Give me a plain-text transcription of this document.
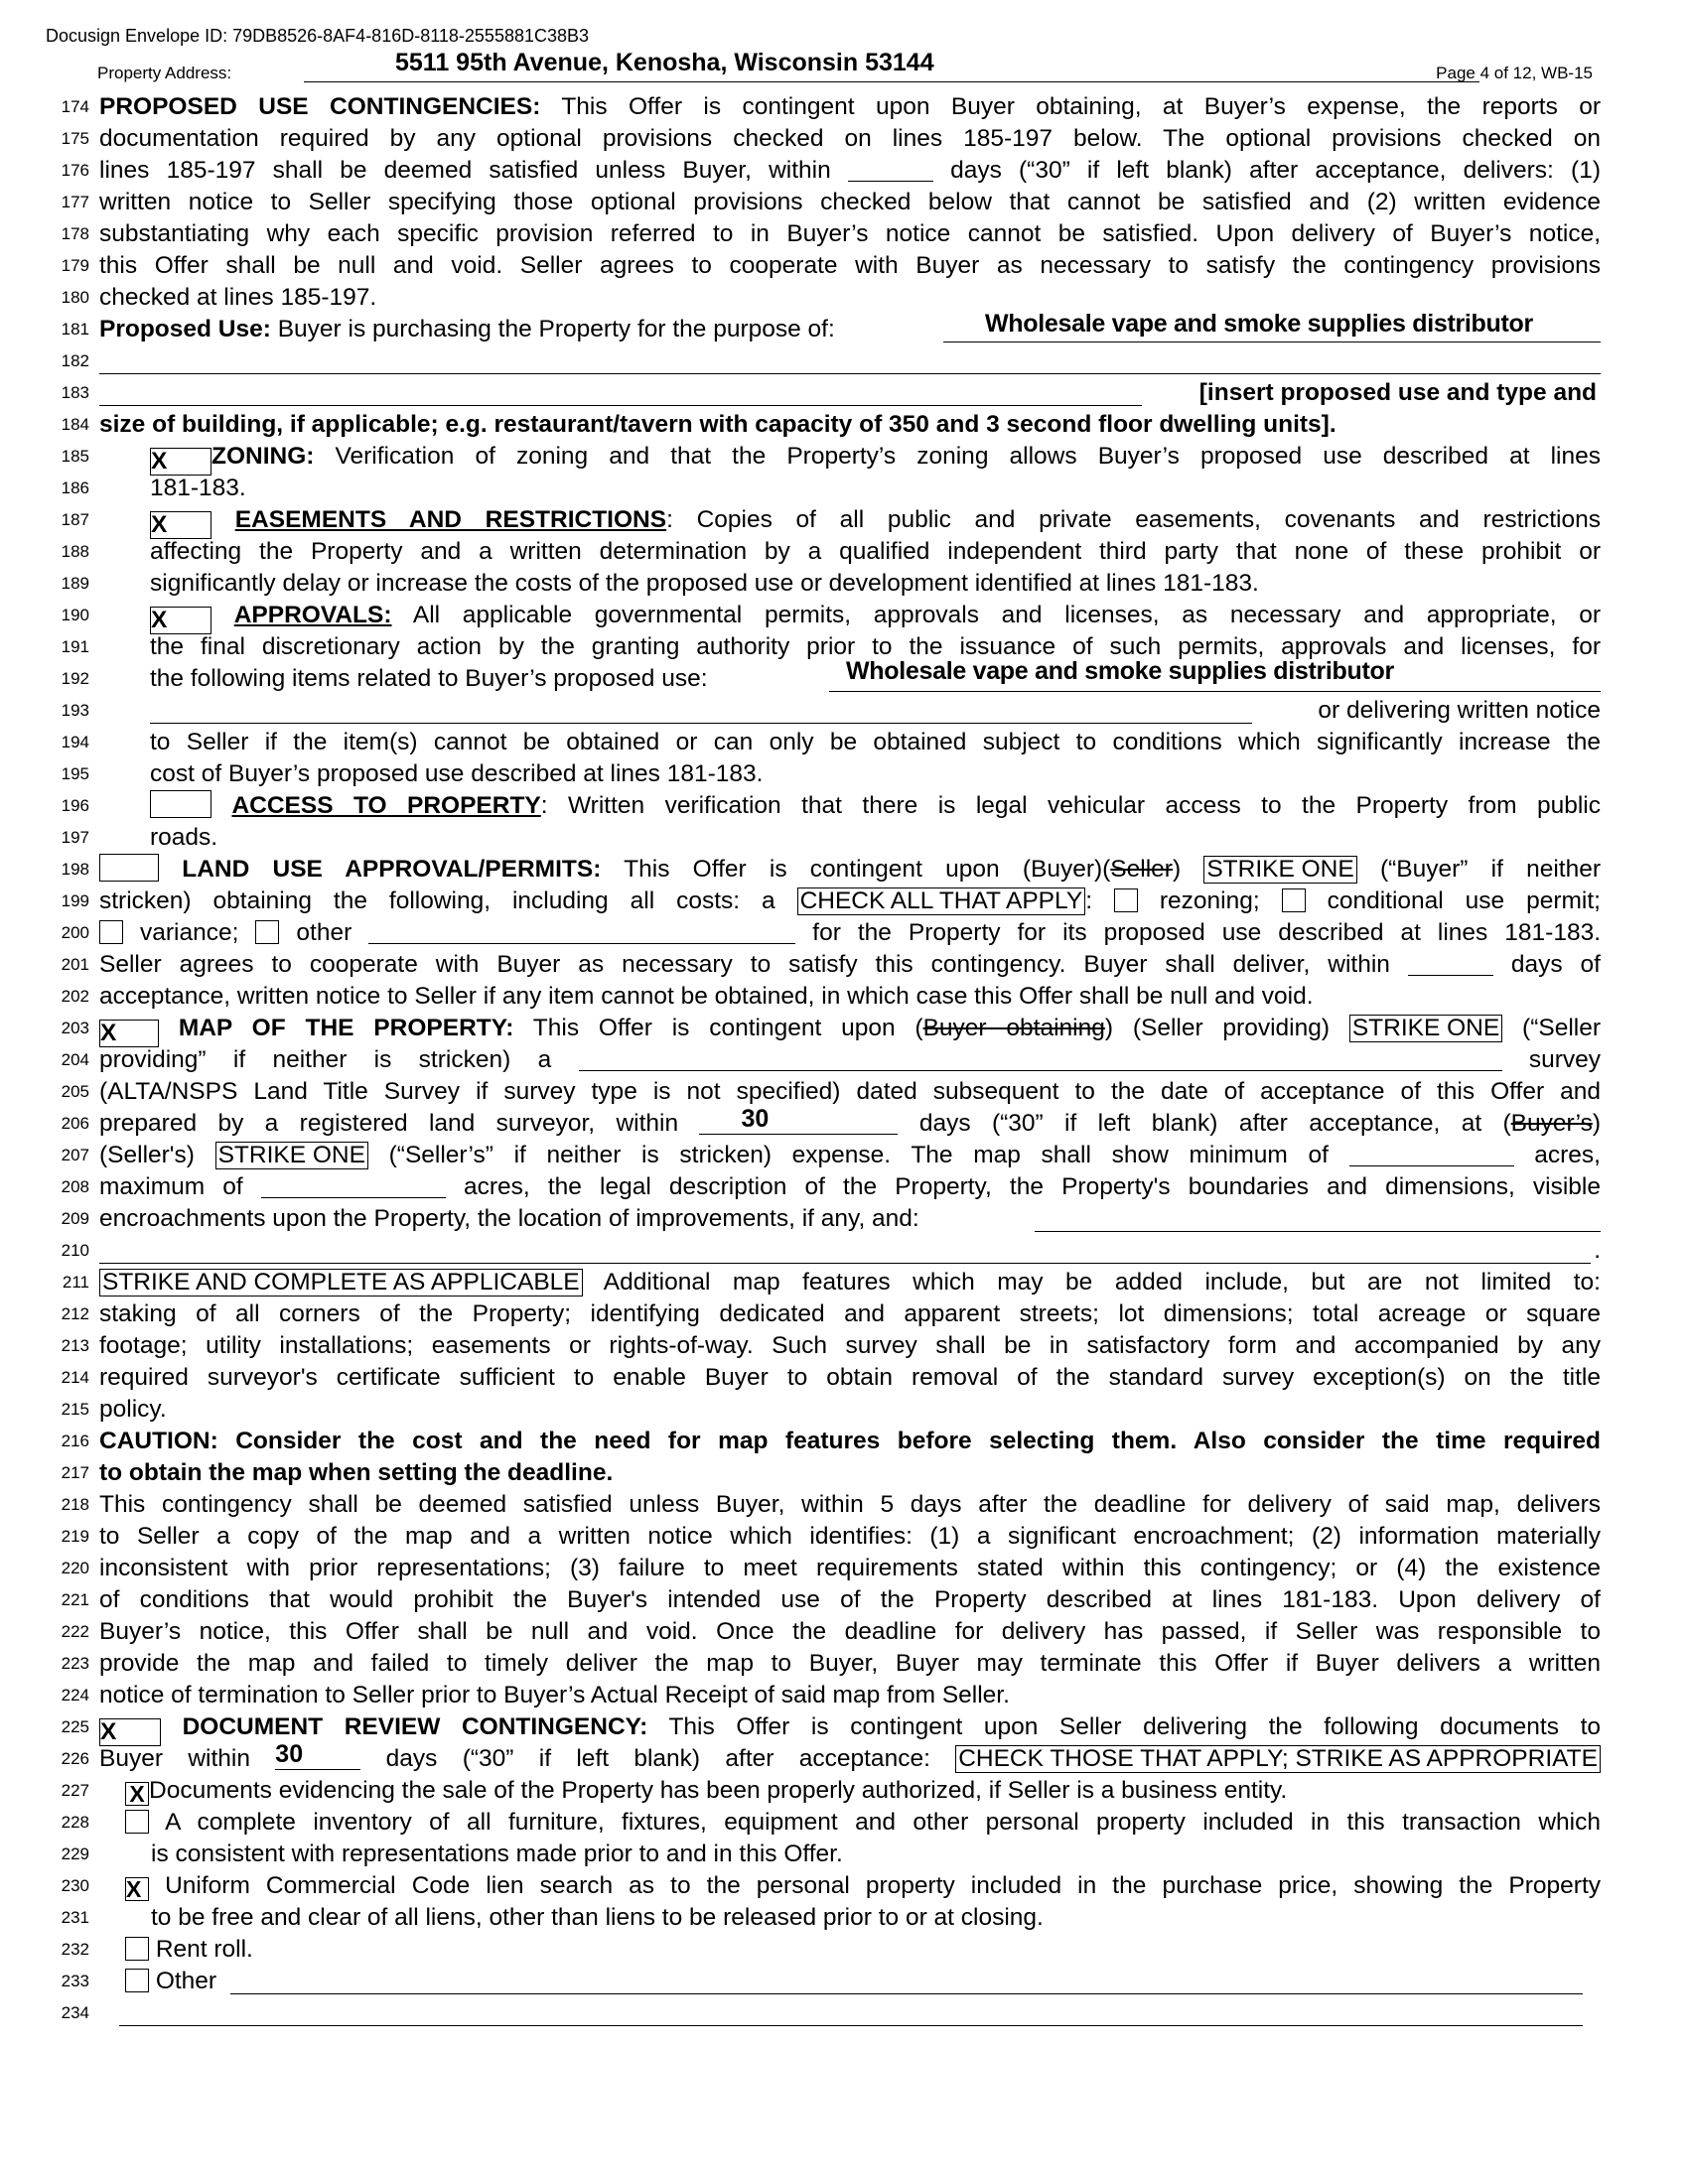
Docusign Envelope ID: 79DB8526-8AF4-816D-8118-2555881C38B3
Property Address:	5511 95th Avenue, Kenosha, Wisconsin 53144	Page 4 of 12, WB-15
174 PROPOSED USE CONTINGENCIES: This Offer is contingent upon Buyer obtaining, at Buyer’s expense, the reports or
175 documentation required by any optional provisions checked on lines 185-197 below. The optional provisions checked on
176 lines 185-197 shall be deemed satisfied unless Buyer, within	days (“30” if left blank) after acceptance, delivers: (1)
177 written notice to Seller specifying those optional provisions checked below that cannot be satisfied and (2) written evidence
178 substantiating why each specific provision referred to in Buyer’s notice cannot be satisfied. Upon delivery of Buyer’s notice,
179 this Offer shall be null and void. Seller agrees to cooperate with Buyer as necessary to satisfy the contingency provisions
180 checked at lines 185-197.
181 Proposed Use: Buyer is purchasing the Property for the purpose of:	Wholesale vape and smoke supplies distributor
182
183	[insert proposed use and type and
184 size of building, if applicable; e.g. restaurant/tavern with capacity of 350 and 3 second floor dwelling units].
185	X ZONING: Verification of zoning and that the Property’s zoning allows Buyer’s proposed use described at lines
186 181-183.
187	X	EASEMENTS AND RESTRICTIONS: Copies of all public and private easements, covenants and restrictions
188 affecting the Property and a written determination by a qualified independent third party that none of these prohibit or
189 significantly delay or increase the costs of the proposed use or development identified at lines 181-183.
190	X	APPROVALS: All applicable governmental permits, approvals and licenses, as necessary and appropriate, or
191 the final discretionary action by the granting authority prior to the issuance of such permits, approvals and licenses, for
192 the following items related to Buyer’s proposed use:	Wholesale vape and smoke supplies distributor
193	or delivering written notice
194 to Seller if the item(s) cannot be obtained or can only be obtained subject to conditions which significantly increase the
195 cost of Buyer’s proposed use described at lines 181-183.
196	ACCESS TO PROPERTY: Written verification that there is legal vehicular access to the Property from public
197 roads.
198	LAND USE APPROVAL/PERMITS: This Offer is contingent upon (Buyer)(Seller) STRIKE ONE (“Buyer” if neither
199 stricken) obtaining the following, including all costs: a CHECK ALL THAT APPLY :  rezoning;  conditional use permit;
200	variance;  other	for the Property for its proposed use described at lines 181-183.
201 Seller agrees to cooperate with Buyer as necessary to satisfy this contingency. Buyer shall deliver, within	days of
202 acceptance, written notice to Seller if any item cannot be obtained, in which case this Offer shall be null and void.
203 X	MAP OF THE PROPERTY: This Offer is contingent upon (Buyer obtaining) (Seller providing) STRIKE ONE (“Seller
204 providing” if neither is stricken) a	survey
205 (ALTA/NSPS Land Title Survey if survey type is not specified) dated subsequent to the date of acceptance of this Offer and
206 prepared by a registered land surveyor, within	30	days (“30” if left blank) after acceptance, at (Buyer’s)
207 (Seller's) STRIKE ONE (“Seller’s” if neither is stricken) expense. The map shall show minimum of	acres,
208 maximum of	acres, the legal description of the Property, the Property's boundaries and dimensions, visible
209 encroachments upon the Property, the location of improvements, if any, and:
210	.
211 STRIKE AND COMPLETE AS APPLICABLE Additional map features which may be added include, but are not limited to:
212 staking of all corners of the Property; identifying dedicated and apparent streets; lot dimensions; total acreage or square
213 footage; utility installations; easements or rights-of-way. Such survey shall be in satisfactory form and accompanied by any
214 required surveyor's certificate sufficient to enable Buyer to obtain removal of the standard survey exception(s) on the title
215 policy.
216 CAUTION: Consider the cost and the need for map features before selecting them. Also consider the time required
217 to obtain the map when setting the deadline.
218 This contingency shall be deemed satisfied unless Buyer, within 5 days after the deadline for delivery of said map, delivers
219 to Seller a copy of the map and a written notice which identifies: (1) a significant encroachment; (2) information materially
220 inconsistent with prior representations; (3) failure to meet requirements stated within this contingency; or (4) the existence
221 of conditions that would prohibit the Buyer's intended use of the Property described at lines 181-183. Upon delivery of
222 Buyer’s notice, this Offer shall be null and void. Once the deadline for delivery has passed, if Seller was responsible to
223 provide the map and failed to timely deliver the map to Buyer, Buyer may terminate this Offer if Buyer delivers a written
224 notice of termination to Seller prior to Buyer’s Actual Receipt of said map from Seller.
225 X	DOCUMENT REVIEW CONTINGENCY: This Offer is contingent upon Seller delivering the following documents to
226 Buyer within 30	days (“30” if left blank) after acceptance: CHECK THOSE THAT APPLY; STRIKE AS APPROPRIATE
227 X Documents evidencing the sale of the Property has been properly authorized, if Seller is a business entity.
228	A complete inventory of all furniture, fixtures, equipment and other personal property included in this transaction which
229	is consistent with representations made prior to and in this Offer.
230 X Uniform Commercial Code lien search as to the personal property included in the purchase price, showing the Property
231	to be free and clear of all liens, other than liens to be released prior to or at closing.
232	Rent roll.
233	Other
234
